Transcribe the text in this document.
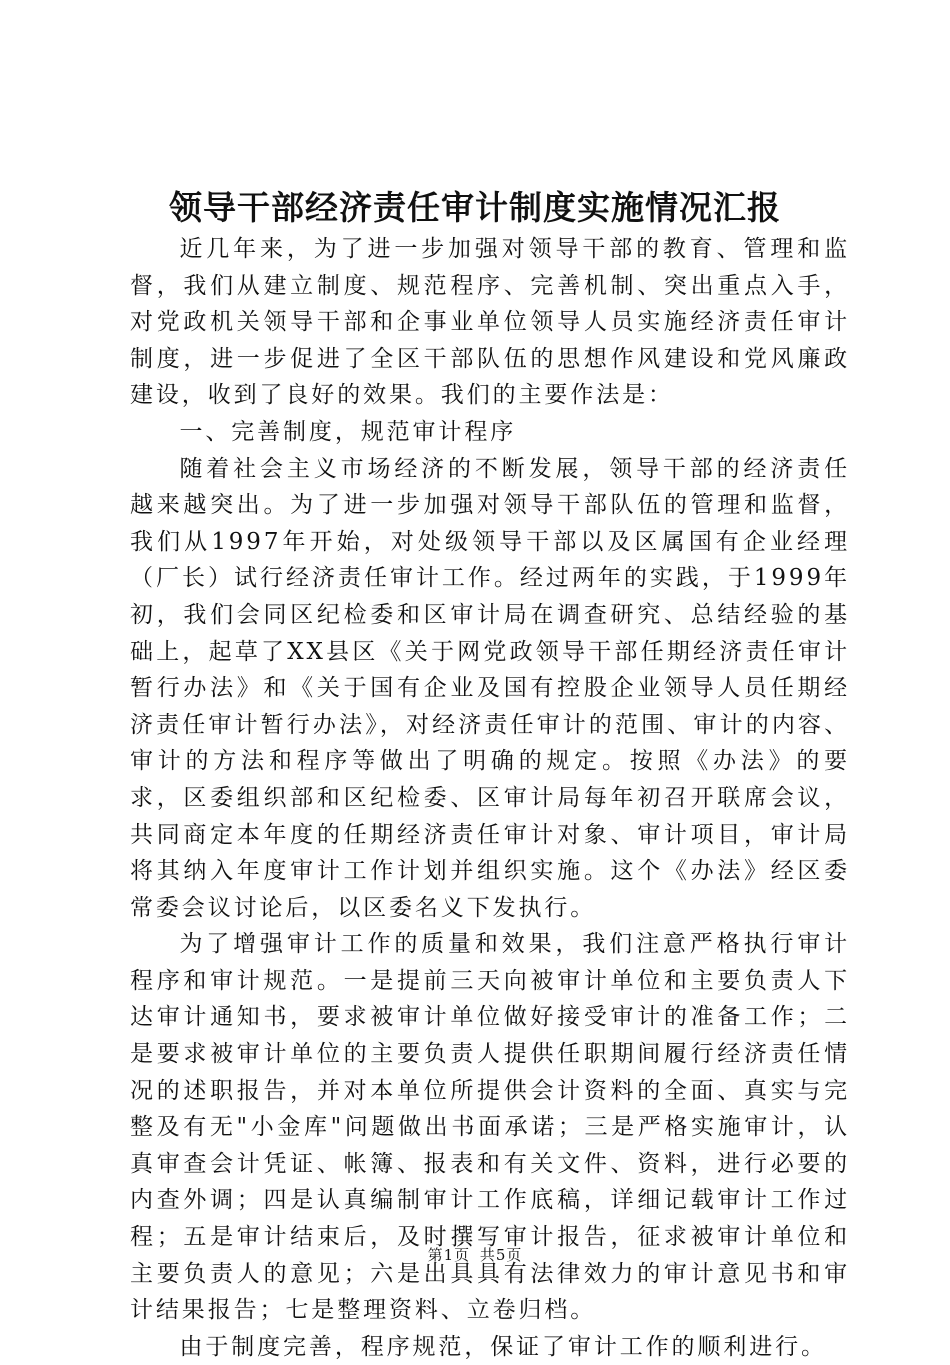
领导干部经济责任审计制度实施情况汇报

近几年来，为了进一步加强对领导干部的教育、管理和监督，我们从建立制度、规范程序、完善机制、突出重点入手，对党政机关领导干部和企事业单位领导人员实施经济责任审计制度，进一步促进了全区干部队伍的思想作风建设和党风廉政建设，收到了良好的效果。我们的主要作法是：

一、完善制度，规范审计程序

随着社会主义市场经济的不断发展，领导干部的经济责任越来越突出。为了进一步加强对领导干部队伍的管理和监督，我们从1997年开始，对处级领导干部以及区属国有企业经理（厂长）试行经济责任审计工作。经过两年的实践，于1999年初，我们会同区纪检委和区审计局在调查研究、总结经验的基础上，起草了XX县区《关于网党政领导干部任期经济责任审计暂行办法》和《关于国有企业及国有控股企业领导人员任期经济责任审计暂行办法》，对经济责任审计的范围、审计的内容、审计的方法和程序等做出了明确的规定。按照《办法》的要求，区委组织部和区纪检委、区审计局每年初召开联席会议，共同商定本年度的任期经济责任审计对象、审计项目，审计局将其纳入年度审计工作计划并组织实施。这个《办法》经区委常委会议讨论后，以区委名义下发执行。

为了增强审计工作的质量和效果，我们注意严格执行审计程序和审计规范。一是提前三天向被审计单位和主要负责人下达审计通知书，要求被审计单位做好接受审计的准备工作；二是要求被审计单位的主要负责人提供任职期间履行经济责任情况的述职报告，并对本单位所提供会计资料的全面、真实与完整及有无"小金库"问题做出书面承诺；三是严格实施审计，认真审查会计凭证、帐簿、报表和有关文件、资料，进行必要的内查外调；四是认真编制审计工作底稿，详细记载审计工作过程；五是审计结束后，及时撰写审计报告，征求被审计单位和主要负责人的意见；六是出具具有法律效力的审计意见书和审计结果报告；七是整理资料、立卷归档。

由于制度完善，程序规范，保证了审计工作的顺利进行。

第1页 共5页
